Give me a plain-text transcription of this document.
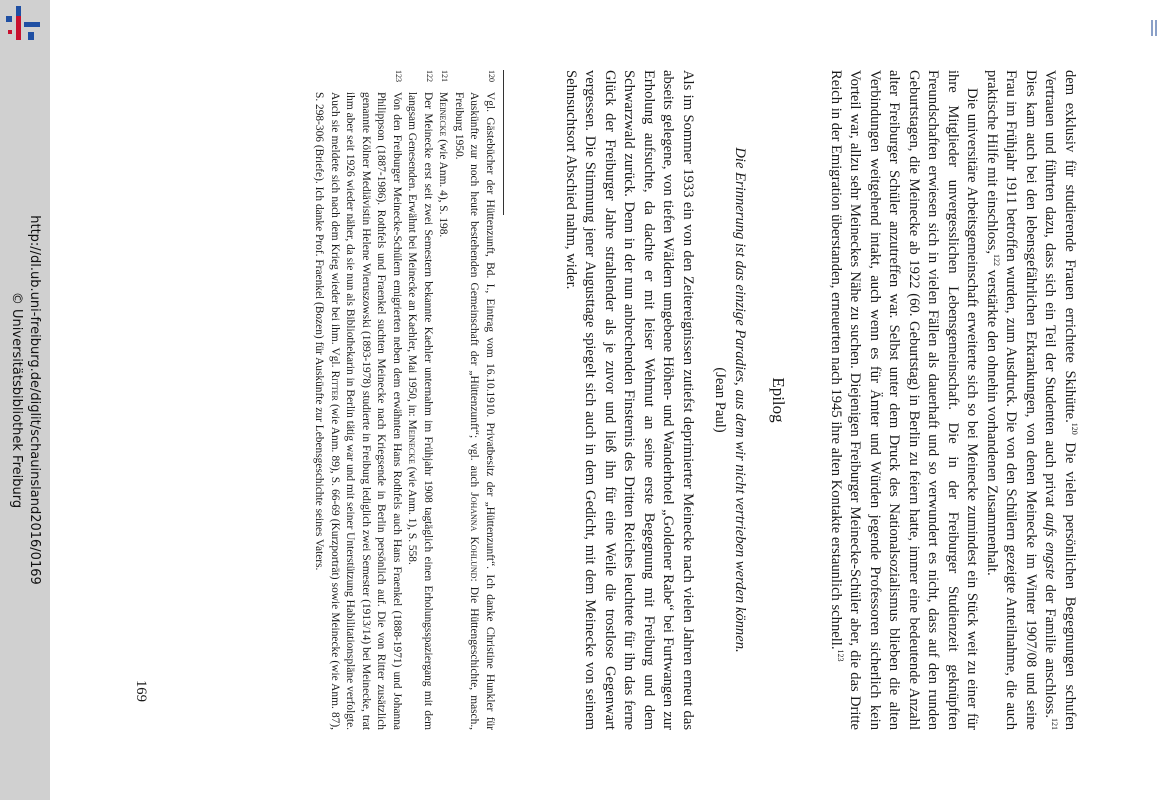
http://dl.ub.uni-freiburg.de/diglit/schauinsland2016/0169
© Universitätsbibliothek Freiburg	dem exklusiv für studierende Frauen errichtete Skihütte.$^{120}$ Die vielen persönlichen Begegnungen schufen Vertrauen und führten dazu, dass sich ein Teil der Studenten auch privat aufs engste der Familie anschloss.$^{121}$ Dies kam auch bei den lebensgefährlichen Erkrankungen, von denen Meinecke im Winter 1907/08 und seine Frau im Frühjahr 1911 betroffen wurden, zum Ausdruck. Die von den Schülern gezeigte Anteilnahme, die auch praktische Hilfe mit einschloss,$^{122}$ verstärkte den ohnehin vorhandenen Zusammenhalt.

Die universitäre Arbeitsgemeinschaft erweiterte sich so bei Meinecke zumindest ein Stück weit zu einer für ihre Mitglieder unvergesslichen Lebensgemeinschaft. Die in der Freiburger Studienzeit geknüpften Freundschaften erwiesen sich in vielen Fällen als dauerhaft und so verwundert es nicht, dass auf den runden Geburtstagen, die Meinecke ab 1922 (60. Geburtstag) in Berlin zu feiern hatte, immer eine bedeutende Anzahl alter Freiburger Schüler anzutreffen war. Selbst unter dem Druck des Nationalsozialismus blieben die alten Verbindungen weitgehend intakt, auch wenn es für Ämter und Würden jegende Professoren sicherlich kein Vorteil war, allzu sehr Meineckes Nähe zu suchen. Diejenigen Freiburger Meinecke-Schüler aber, die das Dritte Reich in der Emigration überstanden, erneuerten nach 1945 ihre alten Kontakte erstaunlich schnell.$^{123}$

Epilog
Die Erinnerung ist das einzige Paradies, aus dem wir nicht vertrieben werden können.
(Jean Paul)

Als im Sommer 1933 ein von den Zeitereignissen zutiefst deprimierter Meinecke nach vielen Jahren erneut das abseits gelegene, von tiefen Wäldern umgebene Höhen- und Wanderhotel „Goldener Rabe“ bei Furtwangen zur Erholung aufsuchte, da dachte er mit leiser Wehmut an seine erste Begegnung mit Freiburg und dem Schwarzwald zurück. Denn in der nun anbrechenden Finsternis des Dritten Reiches leuchtete für ihn das ferne Glück der Freiburger Jahre strahlender als je zuvor und ließ ihn für eine Weile die trostlose Gegenwart vergessen. Die Stimmung jener Augusttage spiegelt sich auch in dem Gedicht, mit dem Meinecke von seinem Sehnsuchtsort Abschied nahm, wider.

120
Vgl. Gästebücher der Hüttenzunft, Bd. I., Eintrag vom 16.10.1910. Privatbesitz der „Hüttenzunft“. Ich danke Christine Hunkler für Auskünfte zur noch heute bestehenden Gemeinschaft der „Hüttenzunft“; vgl. auch Johanna Kohlund: Die Hüttengeschichte, masch., Freiburg 1950.

121
Meinecke (wie Anm. 4), S. 198.

122
Der Meinecke erst seit zwei Semestern bekannte Kaehler unternahm im Frühjahr 1908 tagtäglich einen Erholungsspaziergang mit dem langsam Genesenden. Erwähnt bei Meinecke an Kaehler, Mai 1950, in: Meinecke (wie Anm. 1), S. 558.

123
Von den Freiburger Meinecke-Schülern emigrierten neben dem erwähnten Hans Rothfels auch Hans Fraenkel (1888-1971) und Johanna Philippson (1887-1986). Rothfels und Fraenkel suchten Meinecke nach Kriegsende in Berlin persönlich auf. Die von Ritter zusätzlich genannte Kölner Mediävistin Helene Wieruszowski (1893-1978) studierte in Freiburg lediglich zwei Semester (1913/14) bei Meinecke, trat ihm aber seit 1926 wieder näher, da sie nun als Bibliothekarin in Berlin tätig war und mit seiner Unterstützung Habilitationspläne verfolgte. Auch sie meldete sich nach dem Krieg wieder bei ihm. Vgl. Ritter (wie Anm. 89), S. 66-69 (Kurzporträt) sowie Meinecke (wie Anm. 87), S. 298-306 (Briefe). Ich danke Prof. Fraenkel (Bozen) für Auskünfte zur Lebensgeschichte seines Vaters.

169
